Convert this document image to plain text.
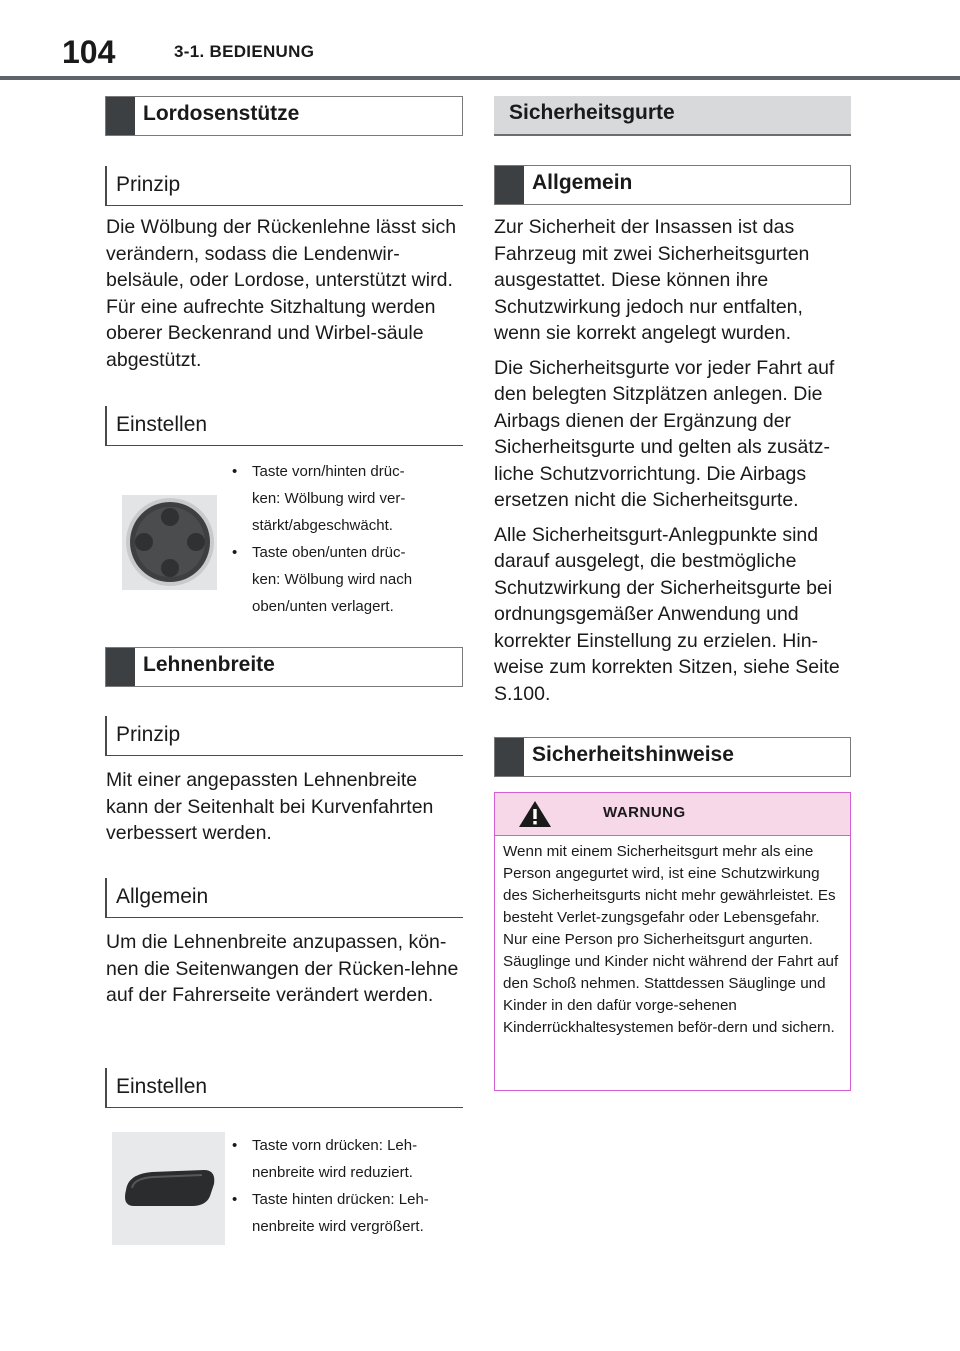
104	3-1. BEDIENUNG
Lordosenstütze
Prinzip

Die Wölbung der Rückenlehne lässt sich verändern, sodass die Lendenwir-belsäule, oder Lordose, unterstützt wird. Für eine aufrechte Sitzhaltung werden oberer Beckenrand und Wirbel-säule abgestützt.

Einstellen
• Taste vorn/hinten drüc-
ken: Wölbung wird ver-
stärkt/abgeschwächt.
• Taste oben/unten drüc-
ken: Wölbung wird nach
oben/unten verlagert.
Lehnenbreite
Prinzip

Mit einer angepassten Lehnenbreite kann der Seitenhalt bei Kurvenfahrten verbessert werden.

Allgemein

Um die Lehnenbreite anzupassen, kön-nen die Seitenwangen der Rücken-lehne auf der Fahrerseite verändert werden.

Einstellen
• Taste vorn drücken: Leh-
nenbreite wird reduziert.
• Taste hinten drücken: Leh-
nenbreite wird vergrößert.
Sicherheitsgurte
Allgemein

Zur Sicherheit der Insassen ist das Fahrzeug mit zwei Sicherheitsgurten ausgestattet. Diese können ihre Schutzwirkung jedoch nur entfalten, wenn sie korrekt angelegt wurden.

Die Sicherheitsgurte vor jeder Fahrt auf den belegten Sitzplätzen anlegen. Die Airbags dienen der Ergänzung der Sicherheitsgurte und gelten als zusätz-liche Schutzvorrichtung. Die Airbags ersetzen nicht die Sicherheitsgurte.

Alle Sicherheitsgurt-Anlegpunkte sind darauf ausgelegt, die bestmögliche Schutzwirkung der Sicherheitsgurte bei ordnungsgemäßer Anwendung und korrekter Einstellung zu erzielen. Hin-weise zum korrekten Sitzen, siehe Seite S.100.

Sicherheitshinweise
WARNUNG
Wenn mit einem Sicherheitsgurt mehr als eine Person angegurtet wird, ist eine Schutzwirkung des Sicherheitsgurts nicht mehr gewährleistet. Es besteht Verlet-zungsgefahr oder Lebensgefahr. Nur eine Person pro Sicherheitsgurt angurten. Säuglinge und Kinder nicht während der Fahrt auf den Schoß nehmen. Stattdessen Säuglinge und Kinder in den dafür vorge-sehenen Kinderrückhaltesystemen beför-dern und sichern.
